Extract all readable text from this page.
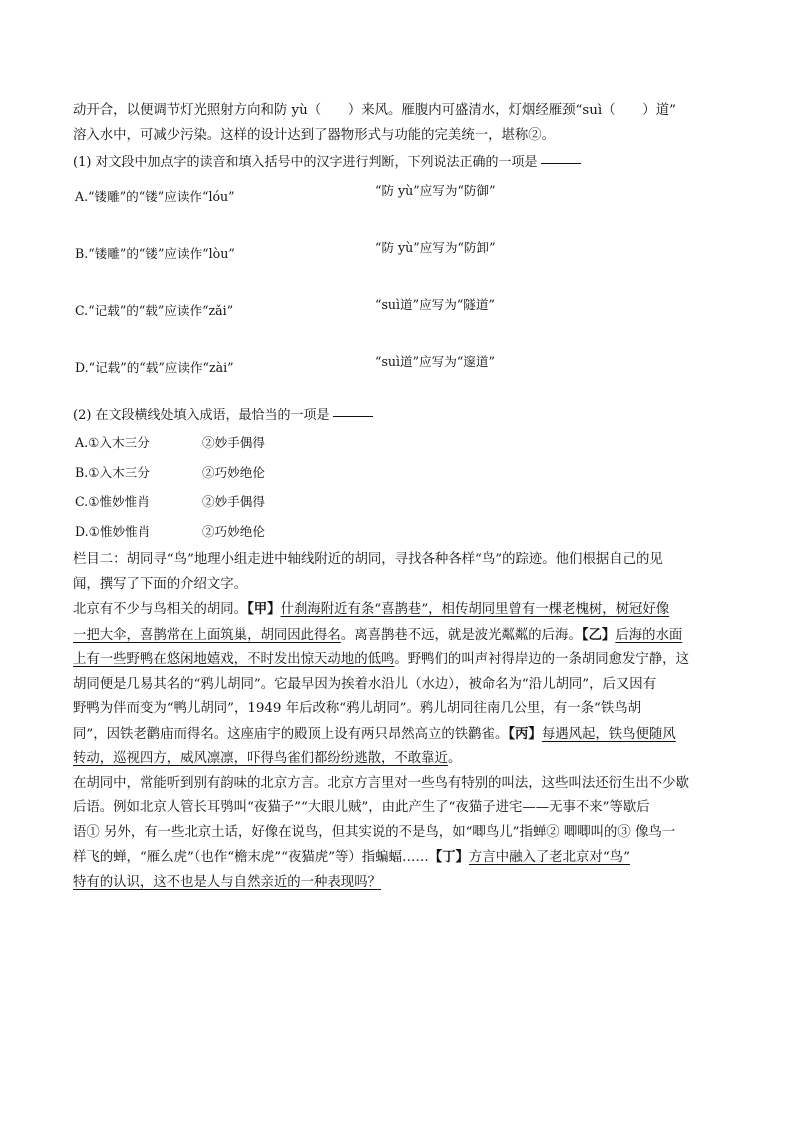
动开合，以便调节灯光照射方向和防 yù（　　）来风。雁腹内可盛清水，灯烟经雁颈“suì（　　）道”

溶入水中，可减少污染。这样的设计达到了器物形式与功能的完美统一，堪称②。

(1) 对文段中加点字的读音和填入括号中的汉字进行判断，下列说法正确的一项是

A.“镂雕”的“镂”应读作“lóu”	“防 yù”应写为“防御”
B.“镂雕”的“镂”应读作“lòu”	“防 yù”应写为“防卸”
C.“记载”的“载”应读作“zǎi”	“suì道”应写为“隧道”
D.“记载”的“载”应读作“zài”	“suì道”应写为“邃道”

(2) 在文段横线处填入成语，最恰当的一项是

A.①入木三分	②妙手偶得
B.①入木三分	②巧妙绝伦
C.①惟妙惟肖	②妙手偶得
D.①惟妙惟肖	②巧妙绝伦

栏目二：胡同寻“鸟”地理小组走进中轴线附近的胡同，寻找各种各样“鸟”的踪迹。他们根据自己的见

闻，撰写了下面的介绍文字。

北京有不少与鸟相关的胡同。【甲】什刹海附近有条“喜鹊巷”，相传胡同里曾有一棵老槐树，树冠好像

一把大伞，喜鹊常在上面筑巢，胡同因此得名。离喜鹊巷不远，就是波光粼粼的后海。【乙】后海的水面

上有一些野鸭在悠闲地嬉戏，不时发出惊天动地的低鸣。野鸭们的叫声衬得岸边的一条胡同愈发宁静，这

胡同便是几易其名的“鸦儿胡同”。它最早因为挨着水沿儿（水边），被命名为“沿儿胡同”，后又因有

野鸭为伴而变为“鸭儿胡同”，1949 年后改称“鸦儿胡同”。鸦儿胡同往南几公里，有一条“铁鸟胡

同”，因铁老鹳庙而得名。这座庙宇的殿顶上设有两只昂然高立的铁鹳雀。【丙】每遇风起，铁鸟便随风

转动，巡视四方，威风凛凛，吓得鸟雀们都纷纷逃散，不敢靠近。

在胡同中，常能听到别有韵味的北京方言。北京方言里对一些鸟有特别的叫法，这些叫法还衍生出不少歇

后语。例如北京人管长耳鸮叫“夜猫子”“大眼儿贼”，由此产生了“夜猫子进宅——无事不来”等歇后

语① 另外，有一些北京土话，好像在说鸟，但其实说的不是鸟，如“唧鸟儿”指蝉② 唧唧叫的③ 像鸟一

样飞的蝉，“雁么虎”（也作“檐末虎”“夜猫虎”等）指蝙蝠……【丁】方言中融入了老北京对“鸟”

特有的认识，这不也是人与自然亲近的一种表现吗？
